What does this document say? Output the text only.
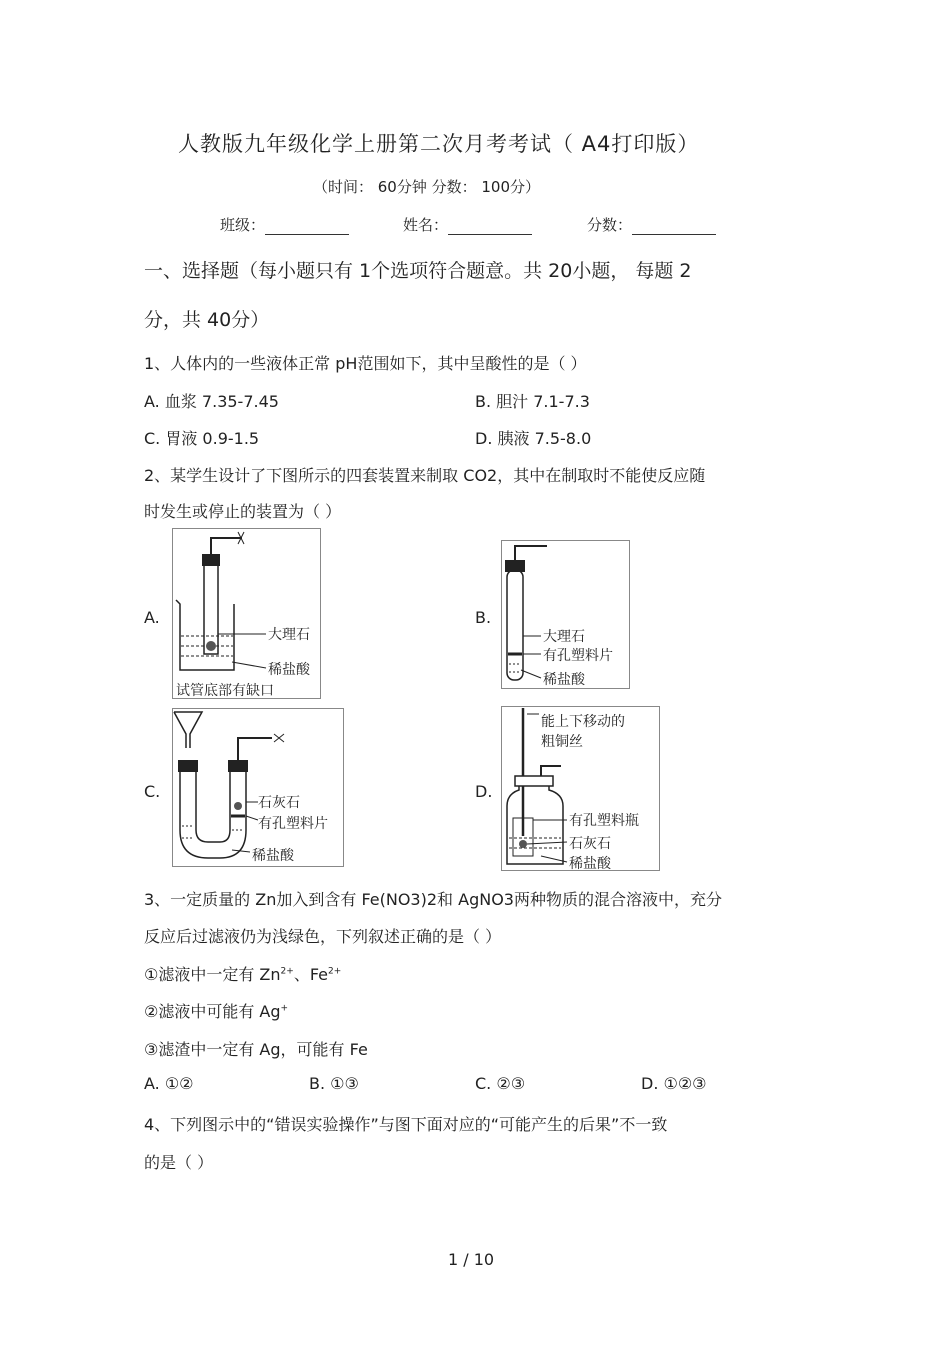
人教版九年级化学上册第二次月考考试（ A4打印版）
（时间： 60分钟 分数： 100分）
班级：	姓名：	分数：
一、选择题（每小题只有 1个选项符合题意。共 20小题， 每题 2
分，共 40分）
1、人体内的一些液体正常 pH范围如下，其中呈酸性的是（ ）
A. 血浆 7.35-7.45	B. 胆汁 7.1-7.3
C. 胃液 0.9-1.5	D. 胰液 7.5-8.0
2、某学生设计了下图所示的四套装置来制取 CO2，其中在制取时不能使反应随
时发生或停止的装置为（ ）
A.
大理石
稀盐酸
试管底部有缺口
B.
大理石
有孔塑料片
稀盐酸
C.
石灰石
有孔塑料片
稀盐酸
D.
能上下移动的
粗铜丝
有孔塑料瓶
石灰石
稀盐酸
3、一定质量的 Zn加入到含有 Fe(NO3)2和 AgNO3两种物质的混合溶液中，充分
反应后过滤液仍为浅绿色，下列叙述正确的是（ ）
①滤液中一定有 $Zn^{2+}$、$Fe^{2+}$
②滤液中可能有 Ag+
③滤渣中一定有 Ag，可能有 Fe
A. ①②	B. ①③	C. ②③	D. ①②③
4、下列图示中的“错误实验操作”与图下面对应的“可能产生的后果”不一致
的是（ ）
1 / 10
